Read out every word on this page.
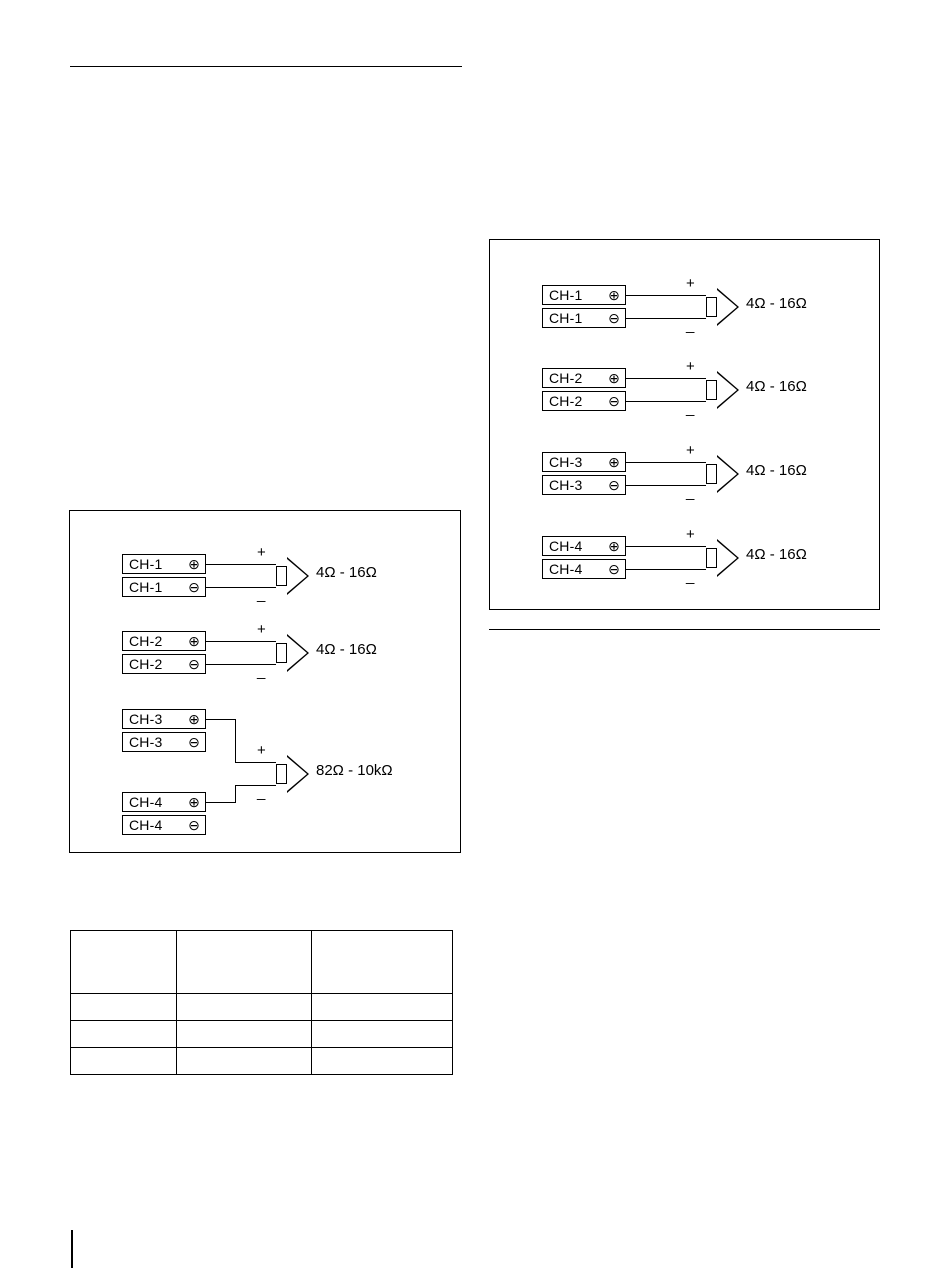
CH-1 ⊕
CH-1 ⊖
+
_
4Ω - 16Ω
CH-2 ⊕
CH-2 ⊖
+
_
4Ω - 16Ω
CH-3 ⊕
CH-3 ⊖
+
_
4Ω - 16Ω
CH-4 ⊕
CH-4 ⊖
+
_
4Ω - 16Ω
CH-1 ⊕
CH-1 ⊖
+
_
4Ω - 16Ω
CH-2 ⊕
CH-2 ⊖
+
_
4Ω - 16Ω
CH-3 ⊕
CH-3 ⊖
CH-4 ⊕
CH-4 ⊖
+
_
82Ω - 10kΩ
